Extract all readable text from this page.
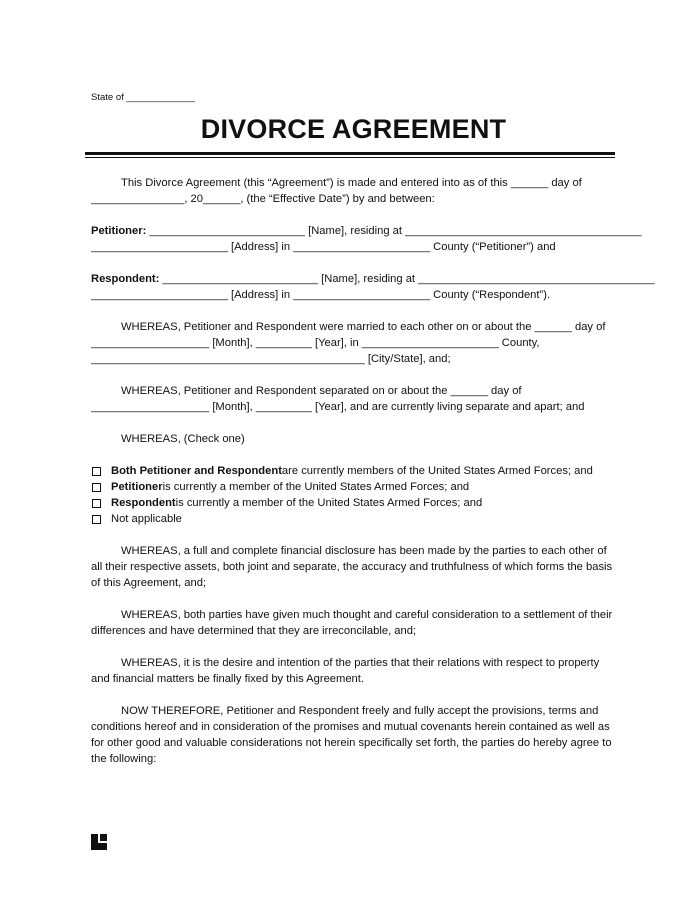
State of _____________
DIVORCE AGREEMENT

This Divorce Agreement (this “Agreement”) is made and entered into as of this ______ day of
_______________, 20______, (the “Effective Date”) by and between:

Petitioner: _________________________ [Name], residing at ______________________________________
______________________ [Address] in ______________________ County (“Petitioner”) and

Respondent: _________________________ [Name], residing at ______________________________________
______________________ [Address] in ______________________ County (“Respondent”).

WHEREAS, Petitioner and Respondent were married to each other on or about the ______ day of
___________________ [Month], _________ [Year], in ______________________ County,
____________________________________________ [City/State], and;

WHEREAS, Petitioner and Respondent separated on or about the ______ day of
___________________ [Month], _________ [Year], and are currently living separate and apart; and

WHEREAS, (Check one)

Both Petitioner and Respondent are currently members of the United States Armed Forces; and
Petitioner is currently a member of the United States Armed Forces; and
Respondent is currently a member of the United States Armed Forces; and
Not applicable

WHEREAS, a full and complete financial disclosure has been made by the parties to each other of
all their respective assets, both joint and separate, the accuracy and truthfulness of which forms the basis
of this Agreement, and;

WHEREAS, both parties have given much thought and careful consideration to a settlement of their
differences and have determined that they are irreconcilable, and;

WHEREAS, it is the desire and intention of the parties that their relations with respect to property
and financial matters be finally fixed by this Agreement.

NOW THEREFORE, Petitioner and Respondent freely and fully accept the provisions, terms and
conditions hereof and in consideration of the promises and mutual covenants herein contained as well as
for other good and valuable considerations not herein specifically set forth, the parties do hereby agree to
the following:
